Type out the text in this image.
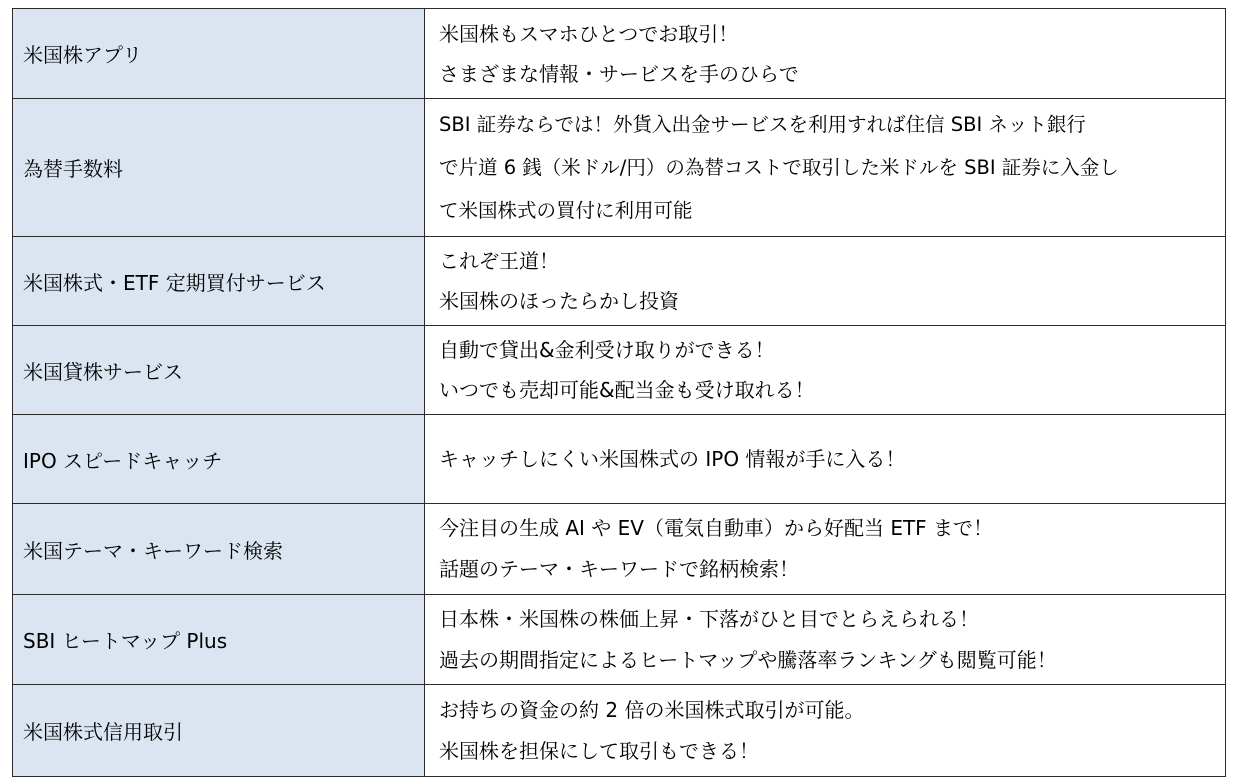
米国株アプリ	米国株もスマホひとつでお取引！
さまざまな情報・サービスを手のひらで

為替手数料	SBI 証券ならでは！外貨入出金サービスを利用すれば住信 SBI ネット銀行
で片道 6 銭（米ドル/円）の為替コストで取引した米ドルを SBI 証券に入金し
て米国株式の買付に利用可能

米国株式・ETF 定期買付サービス	これぞ王道！
米国株のほったらかし投資

米国貸株サービス	自動で貸出&金利受け取りができる！
いつでも売却可能&配当金も受け取れる！

IPO スピードキャッチ	キャッチしにくい米国株式の IPO 情報が手に入る！

米国テーマ・キーワード検索	今注目の生成 AI や EV（電気自動車）から好配当 ETF まで！
話題のテーマ・キーワードで銘柄検索！

SBI ヒートマップ Plus	日本株・米国株の株価上昇・下落がひと目でとらえられる！
過去の期間指定によるヒートマップや騰落率ランキングも閲覧可能！

米国株式信用取引	お持ちの資金の約 2 倍の米国株式取引が可能。
米国株を担保にして取引もできる！
